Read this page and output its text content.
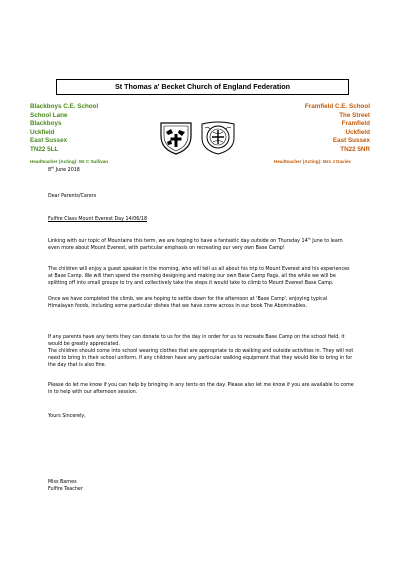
St Thomas a' Becket Church of England Federation
Blackboys C.E. School
School Lane
Blackboys
Uckfield
East Sussex
TN22 5LL
Framfield C.E. School
The Street
Framfield
Uckfield
East Sussex
TN22 5NR
Headteacher (Acting): Mr C Sullivan	Headteacher (Acting): Mrs J Davies
8th June 2018
Dear Parents/Carers
Fulfire Class Mount Everest Day 14/06/18

Linking with our topic of Mountains this term, we are hoping to have a fantastic day outside on Thursday 14th June to learn even more about Mount Everest, with particular emphasis on recreating our very own Base Camp!

The children will enjoy a guest speaker in the morning, who will tell us all about his trip to Mount Everest and his experiences at Base Camp. We will then spend the morning designing and making our own Base Camp flags, all the while we will be splitting off into small groups to try and collectively take the steps it would take to climb to Mount Everest Base Camp.
Once we have completed the climb, we are hoping to settle down for the afternoon at 'Base Camp', enjoying typical Himalayan foods, including some particular dishes that we have come across in our book The Abominables.
If any parents have any tents they can donate to us for the day in order for us to recreate Base Camp on the school field, it would be greatly appreciated.
The children should come into school wearing clothes that are appropriate to do walking and outside activities in. They will not need to bring in their school uniform. If any children have any particular walking equipment that they would like to bring in for the day that is also fine.
Please do let me know if you can help by bringing in any tents on the day. Please also let me know if you are available to come in to help with our afternoon session.
Yours Sincerely,
Miss Barnes
Fulfire Teacher
